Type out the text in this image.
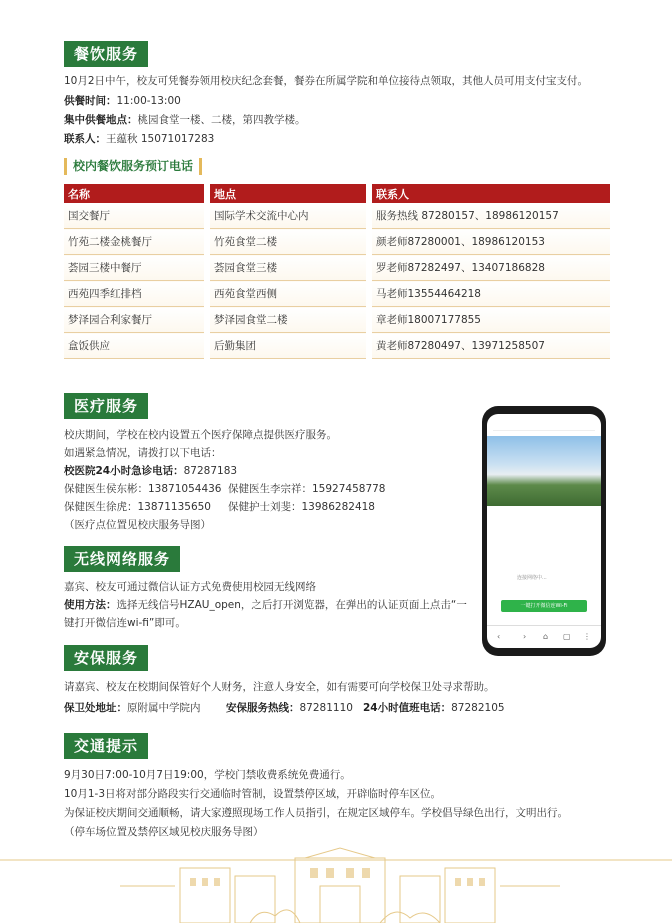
餐饮服务
10月2日中午，校友可凭餐券领用校庆纪念套餐，餐券在所属学院和单位接待点领取，其他人员可用支付宝支付。
供餐时间：11:00-13:00
集中供餐地点：桃园食堂一楼、二楼，第四教学楼。
联系人：王蕴秋 15071017283
校内餐饮服务预订电话
名称	地点	联系人
国交餐厅	国际学术交流中心内	服务热线 87280157、18986120157
竹苑二楼金桃餐厅	竹苑食堂二楼	颜老师87280001、18986120153
荟园三楼中餐厅	荟园食堂三楼	罗老师87282497、13407186828
西苑四季红排档	西苑食堂西侧	马老师13554464218
梦泽园合利家餐厅	梦泽园食堂二楼	章老师18007177855
盒饭供应	后勤集团	黄老师87280497、13971258507
医疗服务
校庆期间，学校在校内设置五个医疗保障点提供医疗服务。
如遇紧急情况，请拨打以下电话：
校医院24小时急诊电话：87287183
保健医生侯东彬：13871054436 保健医生李宗祥：15927458778
保健医生徐虎：13871135650 保健护士刘斐：13986282418
（医疗点位置见校庆服务导图）
无线网络服务
嘉宾、校友可通过微信认证方式免费使用校园无线网络
使用方法：选择无线信号HZAU_open，之后打开浏览器，在弹出的认证页面上点击“一
键打开微信连wi-fi”即可。
连接网络中...
一键打开微信连Wi-Fi
‹	› ⌂ ▢ ⋮
安保服务
请嘉宾、校友在校期间保管好个人财务，注意人身安全，如有需要可向学校保卫处寻求帮助。
保卫处地址：原附属中学院内 安保服务热线：87281110 24小时值班电话：87282105
交通提示
9月30日7:00-10月7日19:00，学校门禁收费系统免费通行。
10月1-3日将对部分路段实行交通临时管制，设置禁停区域，开辟临时停车区位。
为保证校庆期间交通顺畅，请大家遵照现场工作人员指引，在规定区域停车。学校倡导绿色出行，文明出行。
（停车场位置及禁停区域见校庆服务导图）
